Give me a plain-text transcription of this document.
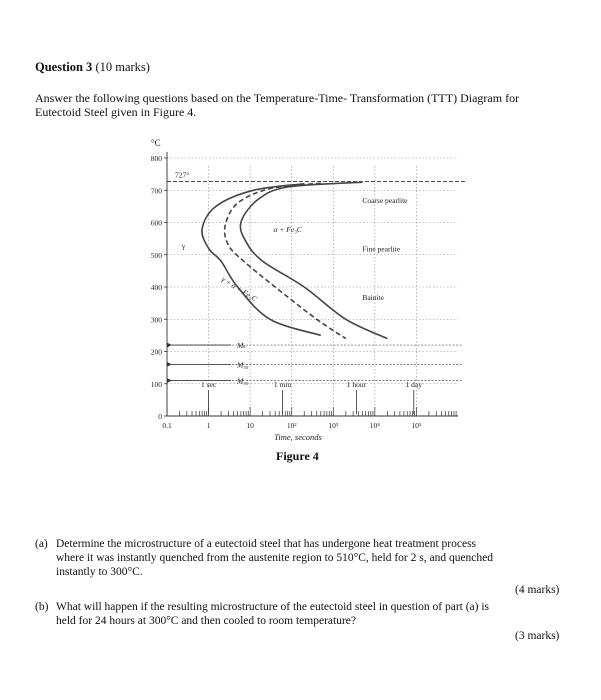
Question 3 (10 marks)
Answer the following questions based on the Temperature-Time- Transformation (TTT) Diagram for
Eutectoid Steel given in Figure 4.
0
100
200
300
400
500
600
700
800
0.1	1	10	10²	10³	10⁴	10⁵
727°
Mₛ
M₅₀
M₉₀
1 sec	1 min	1 hour	1 day
γ
α + Fe₃C
γ + α + Fe₃C
Coarse pearlite
Fine pearlite
Bainite
°C
Time, seconds
Figure 4
(a) Determine the microstructure of a eutectoid steel that has undergone heat treatment process
where it was instantly quenched from the austenite region to 510°C, held for 2 s, and quenched
instantly to 300°C.
(4 marks)
(b) What will happen if the resulting microstructure of the eutectoid steel in question of part (a) is
held for 24 hours at 300°C and then cooled to room temperature?
(3 marks)
